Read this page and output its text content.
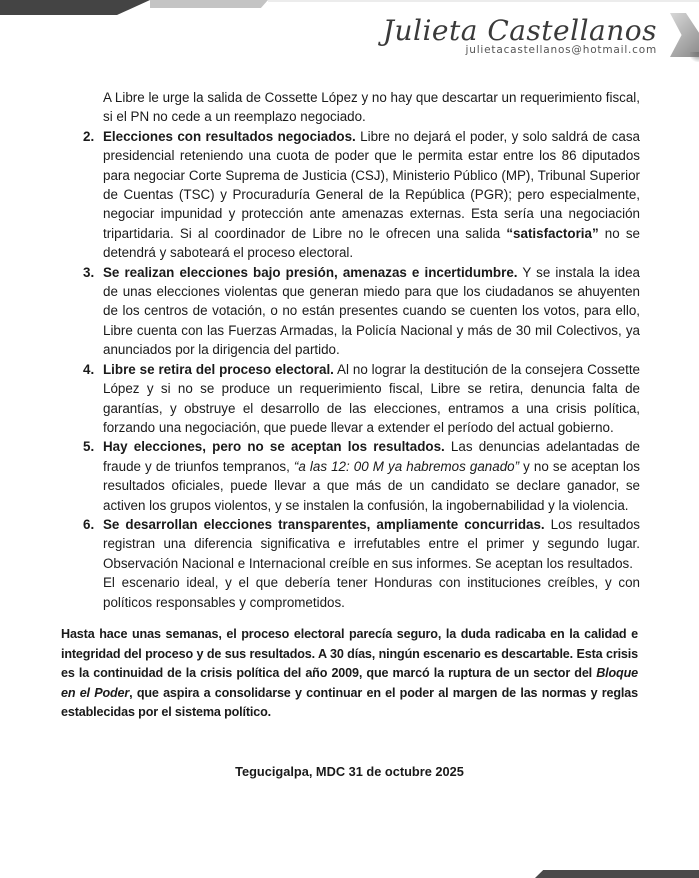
Julieta Castellanos
julietacastellanos@hotmail.com

A Libre le urge la salida de Cossette López y no hay que descartar un requerimiento fiscal, si el PN no cede a un reemplazo negociado.

2. Elecciones con resultados negociados. Libre no dejará el poder, y solo saldrá de casa presidencial reteniendo una cuota de poder que le permita estar entre los 86 diputados para negociar Corte Suprema de Justicia (CSJ), Ministerio Público (MP), Tribunal Superior de Cuentas (TSC) y Procuraduría General de la República (PGR); pero especialmente, negociar impunidad y protección ante amenazas externas. Esta sería una negociación tripartidaria. Si al coordinador de Libre no le ofrecen una salida “satisfactoria” no se detendrá y saboteará el proceso electoral.
3. Se realizan elecciones bajo presión, amenazas e incertidumbre. Y se instala la idea de unas elecciones violentas que generan miedo para que los ciudadanos se ahuyenten de los centros de votación, o no están presentes cuando se cuenten los votos, para ello, Libre cuenta con las Fuerzas Armadas, la Policía Nacional y más de 30 mil Colectivos, ya anunciados por la dirigencia del partido.
4. Libre se retira del proceso electoral. Al no lograr la destitución de la consejera Cossette López y si no se produce un requerimiento fiscal, Libre se retira, denuncia falta de garantías, y obstruye el desarrollo de las elecciones, entramos a una crisis política, forzando una negociación, que puede llevar a extender el período del actual gobierno.
5. Hay elecciones, pero no se aceptan los resultados. Las denuncias adelantadas de fraude y de triunfos tempranos, “a las 12: 00 M ya habremos ganado” y no se aceptan los resultados oficiales, puede llevar a que más de un candidato se declare ganador, se activen los grupos violentos, y se instalen la confusión, la ingobernabilidad y la violencia.
6. Se desarrollan elecciones transparentes, ampliamente concurridas. Los resultados registran una diferencia significativa e irrefutables entre el primer y segundo lugar. Observación Nacional e Internacional creíble en sus informes. Se aceptan los resultados.
El escenario ideal, y el que debería tener Honduras con instituciones creíbles, y con políticos responsables y comprometidos.

Hasta hace unas semanas, el proceso electoral parecía seguro, la duda radicaba en la calidad e integridad del proceso y de sus resultados. A 30 días, ningún escenario es descartable. Esta crisis es la continuidad de la crisis política del año 2009, que marcó la ruptura de un sector del Bloque en el Poder, que aspira a consolidarse y continuar en el poder al margen de las normas y reglas establecidas por el sistema político.

Tegucigalpa, MDC 31 de octubre 2025
